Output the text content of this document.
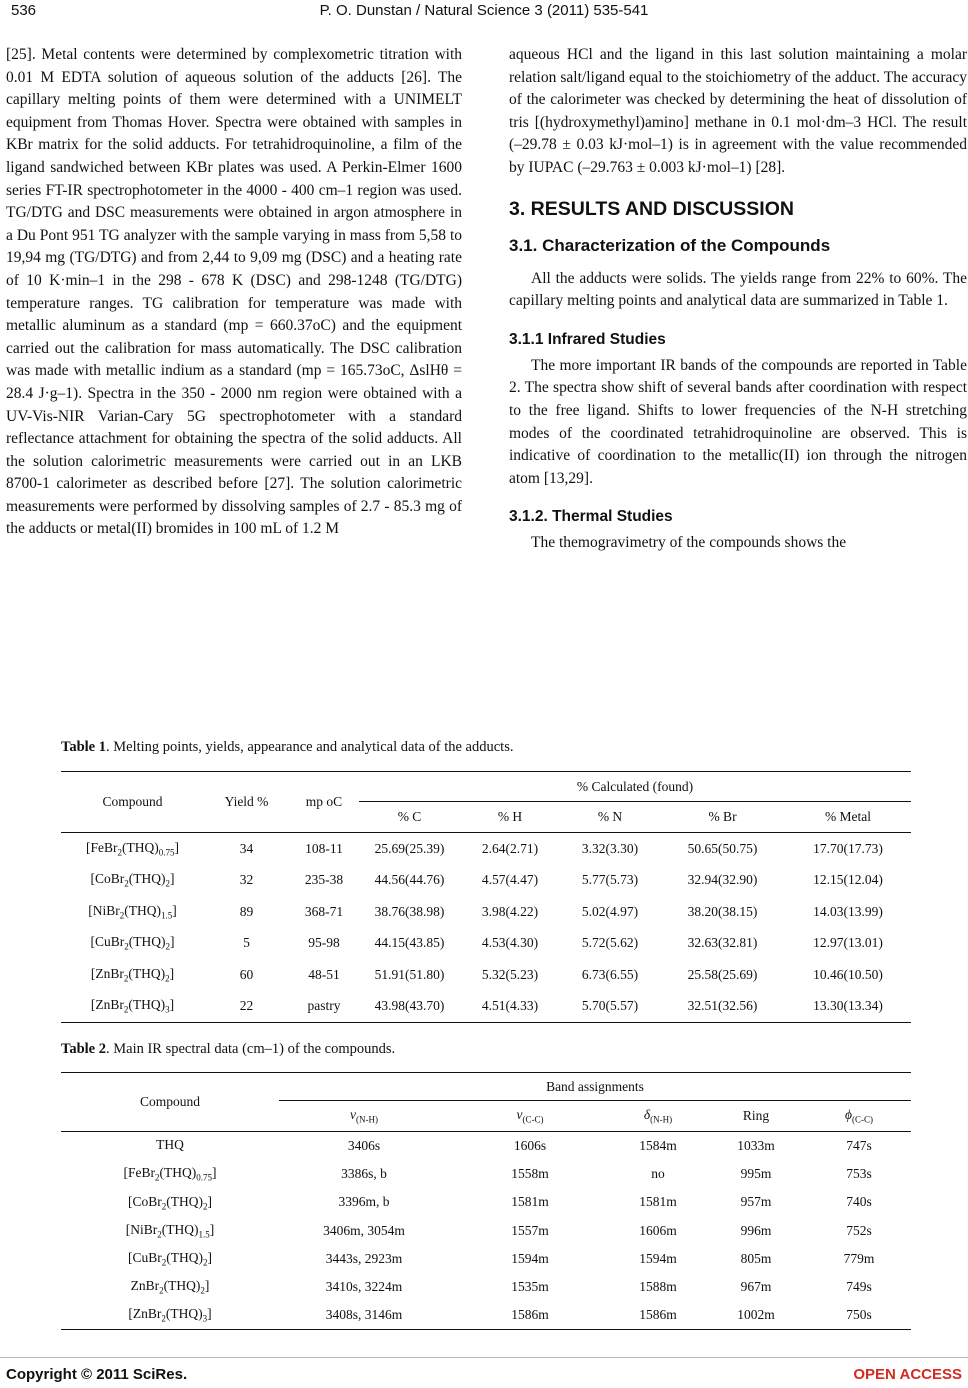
536	P. O. Dunstan / Natural Science 3 (2011) 535-541

[25]. Metal contents were determined by complexometric titration with 0.01 M EDTA solution of aqueous solution of the adducts [26]. The capillary melting points of them were determined with a UNIMELT equipment from Thomas Hover. Spectra were obtained with samples in KBr matrix for the solid adducts. For tetrahidroquinoline, a film of the ligand sandwiched between KBr plates was used. A Perkin-Elmer 1600 series FT-IR spectrophotometer in the 4000 - 400 cm–1 region was used. TG/DTG and DSC measurements were obtained in argon atmosphere in a Du Pont 951 TG analyzer with the sample varying in mass from 5,58 to 19,94 mg (TG/DTG) and from 2,44 to 9,09 mg (DSC) and a heating rate of 10 K·min–1 in the 298 - 678 K (DSC) and 298-1248 (TG/DTG) temperature ranges. TG calibration for temperature was made with metallic aluminum as a standard (mp = 660.37oC) and the equipment carried out the calibration for mass automatically. The DSC calibration was made with metallic indium as a standard (mp = 165.73oC, ΔslHθ = 28.4 J·g–1). Spectra in the 350 - 2000 nm region were obtained with a UV-Vis-NIR Varian-Cary 5G spectrophotometer with a standard reflectance attachment for obtaining the spectra of the solid adducts. All the solution calorimetric measurements were carried out in an LKB 8700-1 calorimeter as described before [27]. The solution calorimetric measurements were performed by dissolving samples of 2.7 - 85.3 mg of the adducts or metal(II) bromides in 100 mL of 1.2 M

aqueous HCl and the ligand in this last solution maintaining a molar relation salt/ligand equal to the stoichiometry of the adduct. The accuracy of the calorimeter was checked by determining the heat of dissolution of tris [(hydroxymethyl)amino] methane in 0.1 mol·dm–3 HCl. The result (–29.78 ± 0.03 kJ·mol–1) is in agreement with the value recommended by IUPAC (–29.763 ± 0.003 kJ·mol–1) [28].

3. RESULTS AND DISCUSSION
3.1. Characterization of the Compounds

All the adducts were solids. The yields range from 22% to 60%. The capillary melting points and analytical data are summarized in Table 1.

3.1.1 Infrared Studies

The more important IR bands of the compounds are reported in Table 2. The spectra show shift of several bands after coordination with respect to the free ligand. Shifts to lower frequencies of the N-H stretching modes of the coordinated tetrahidroquinoline are observed. This is indicative of coordination to the metallic(II) ion through the nitrogen atom [13,29].

3.1.2. Thermal Studies

The themogravimetry of the compounds shows the

Table 1. Melting points, yields, appearance and analytical data of the adducts.
Compound	Yield %	mp oC	% Calculated (found)				
			% C	% H	% N	% Br	% Metal
$[FeBr_2(THQ)_{0.75}]$	34	108-11	25.69(25.39)	2.64(2.71)	3.32(3.30)	50.65(50.75)	17.70(17.73)
$[CoBr_2(THQ)_2]$	32	235-38	44.56(44.76)	4.57(4.47)	5.77(5.73)	32.94(32.90)	12.15(12.04)
$[NiBr_2(THQ)_{1.5}]$	89	368-71	38.76(38.98)	3.98(4.22)	5.02(4.97)	38.20(38.15)	14.03(13.99)
$[CuBr_2(THQ)_2]$	5	95-98	44.15(43.85)	4.53(4.30)	5.72(5.62)	32.63(32.81)	12.97(13.01)
$[ZnBr_2(THQ)_2]$	60	48-51	51.91(51.80)	5.32(5.23)	6.73(6.55)	25.58(25.69)	10.46(10.50)
$[ZnBr_2(THQ)_3]$	22	pastry	43.98(43.70)	4.51(4.33)	5.70(5.57)	32.51(32.56)	13.30(13.34)
Table 2. Main IR spectral data (cm–1) of the compounds.
Compound	Band assignments				
	$\nu_{(N-H)}$	$\nu_{(C-C)}$	$\delta_{(N-H)}$	Ring	$\phi_{(C-C)}$
THQ	3406s	1606s	1584m	1033m	747s
$[FeBr_2(THQ)_{0.75}]$	3386s, b	1558m	no	995m	753s
$[CoBr_2(THQ)_2]$	3396m, b	1581m	1581m	957m	740s
$[NiBr_2(THQ)_{1.5}]$	3406m, 3054m	1557m	1606m	996m	752s
$[CuBr_2(THQ)_2]$	3443s, 2923m	1594m	1594m	805m	779m
$ZnBr_2(THQ)_2$]	3410s, 3224m	1535m	1588m	967m	749s
$[ZnBr_2(THQ)_3]$	3408s, 3146m	1586m	1586m	1002m	750s
Copyright © 2011 SciRes.	OPEN ACCESS
